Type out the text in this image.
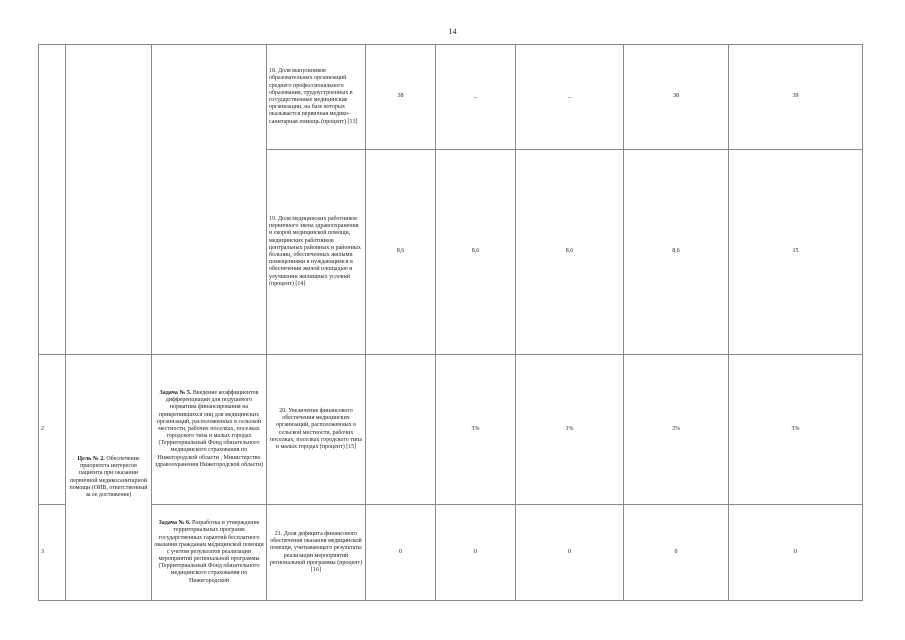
14
			18. Доля выпускников образовательных организаций среднего профессионального образования, трудоустроенных в государственные медицинские организации, на базе которых оказывается первичная медико-санитарная помощь (процент) [13]	38	_	_	38	39
			19. Доля медицинских работников первичного звена здравоохранения и скорой медицинской помощи, медицинских работников центральных районных и районных больниц, обеспеченных жилыми помещениями к нуждающимся в обеспечении жилой площадью и улучшении жилищных условий (процент) [14]	8,6	8,6	8,6	8,6	15
2	Цель № 2. Обеспечение приоритета интересов пациента при оказании первичной медикосанитарной помощи (ОИВ, ответственный за ее достижение)	Задача № 5. Введение коэффициентов дифференциации для подушевого норматива финансирования на прикрепившихся лиц для медицинских организаций, расположенных в сельской местности, рабочих поселках, поселках городского типа и малых городах (Территориальный Фонд обязательного медицинского страхования по Нижегородской области , Министерство здравоохранения Нижегородской области)	20. Увеличение финансового обеспечения медицинских организаций, расположенных в сельской местности, рабочих поселках, поселках городского типа и малых городах (процент) [15]		3%	3%	3%	3%
3		Задача № 6. Разработка и утверждение территориальных программ государственных гарантий бесплатного оказания гражданам медицинской помощи с учетом результатов реализации мероприятий региональной программы (Территориальный Фонд обязательного медицинского страхования по Нижегородской	21. Доля дефицита финансового обеспечения оказания медицинской помощи, учитывающего результаты реализации мероприятий региональной программы (процент) [16]	0	0	0	0	0
